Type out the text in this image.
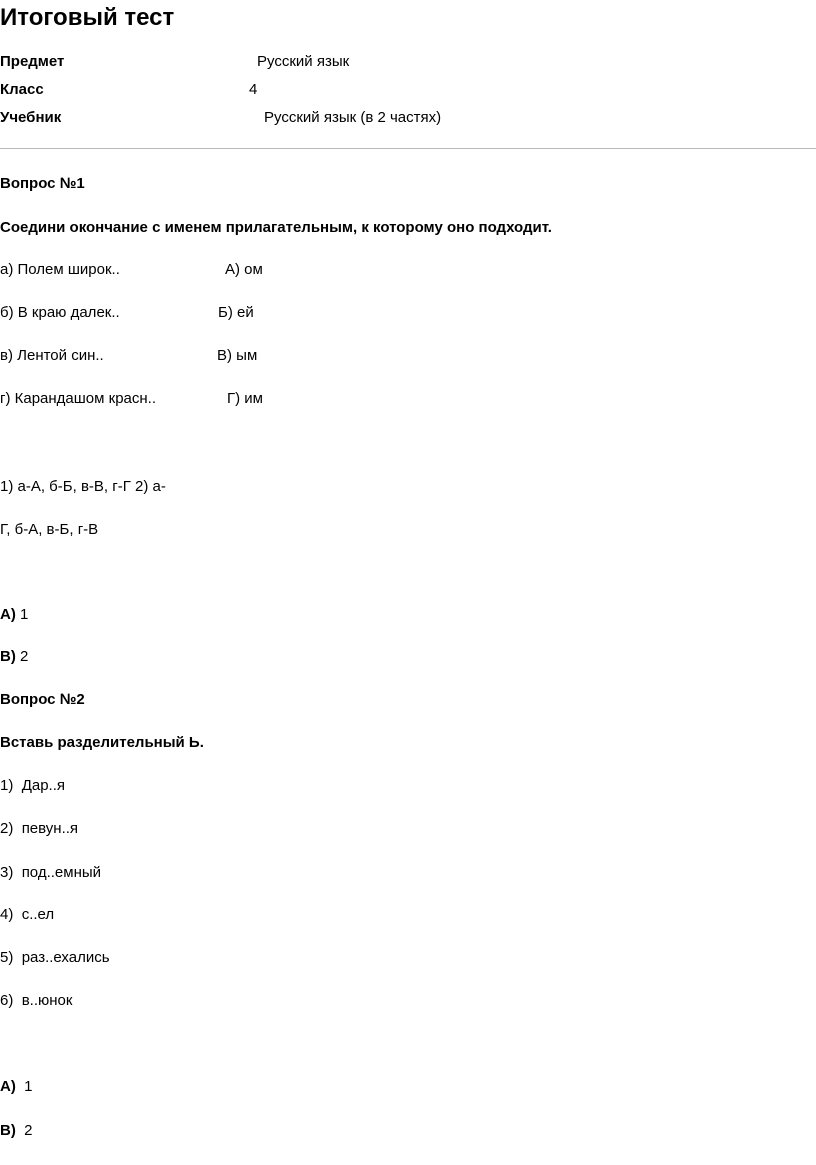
Итоговый тест
Предмет	Русский язык
Класс	4
Учебник	Русский язык (в 2 частях)
Вопрос №1
Соедини окончание с именем прилагательным, к которому оно подходит.
а) Полем широк..	А) ом
б) В краю далек..	Б) ей
в) Лентой син..	В) ым
г) Карандашом красн..	Г) им
1) а-А, б-Б, в-В, г-Г 2) а-
Г, б-А, в-Б, г-В
А) 1
В) 2
Вопрос №2
Вставь разделительный Ь.
1) Дар..я
2) певун..я
3) под..емный
4) с..ел
5) раз..ехались
6) в..юнок
А) 1
В) 2
